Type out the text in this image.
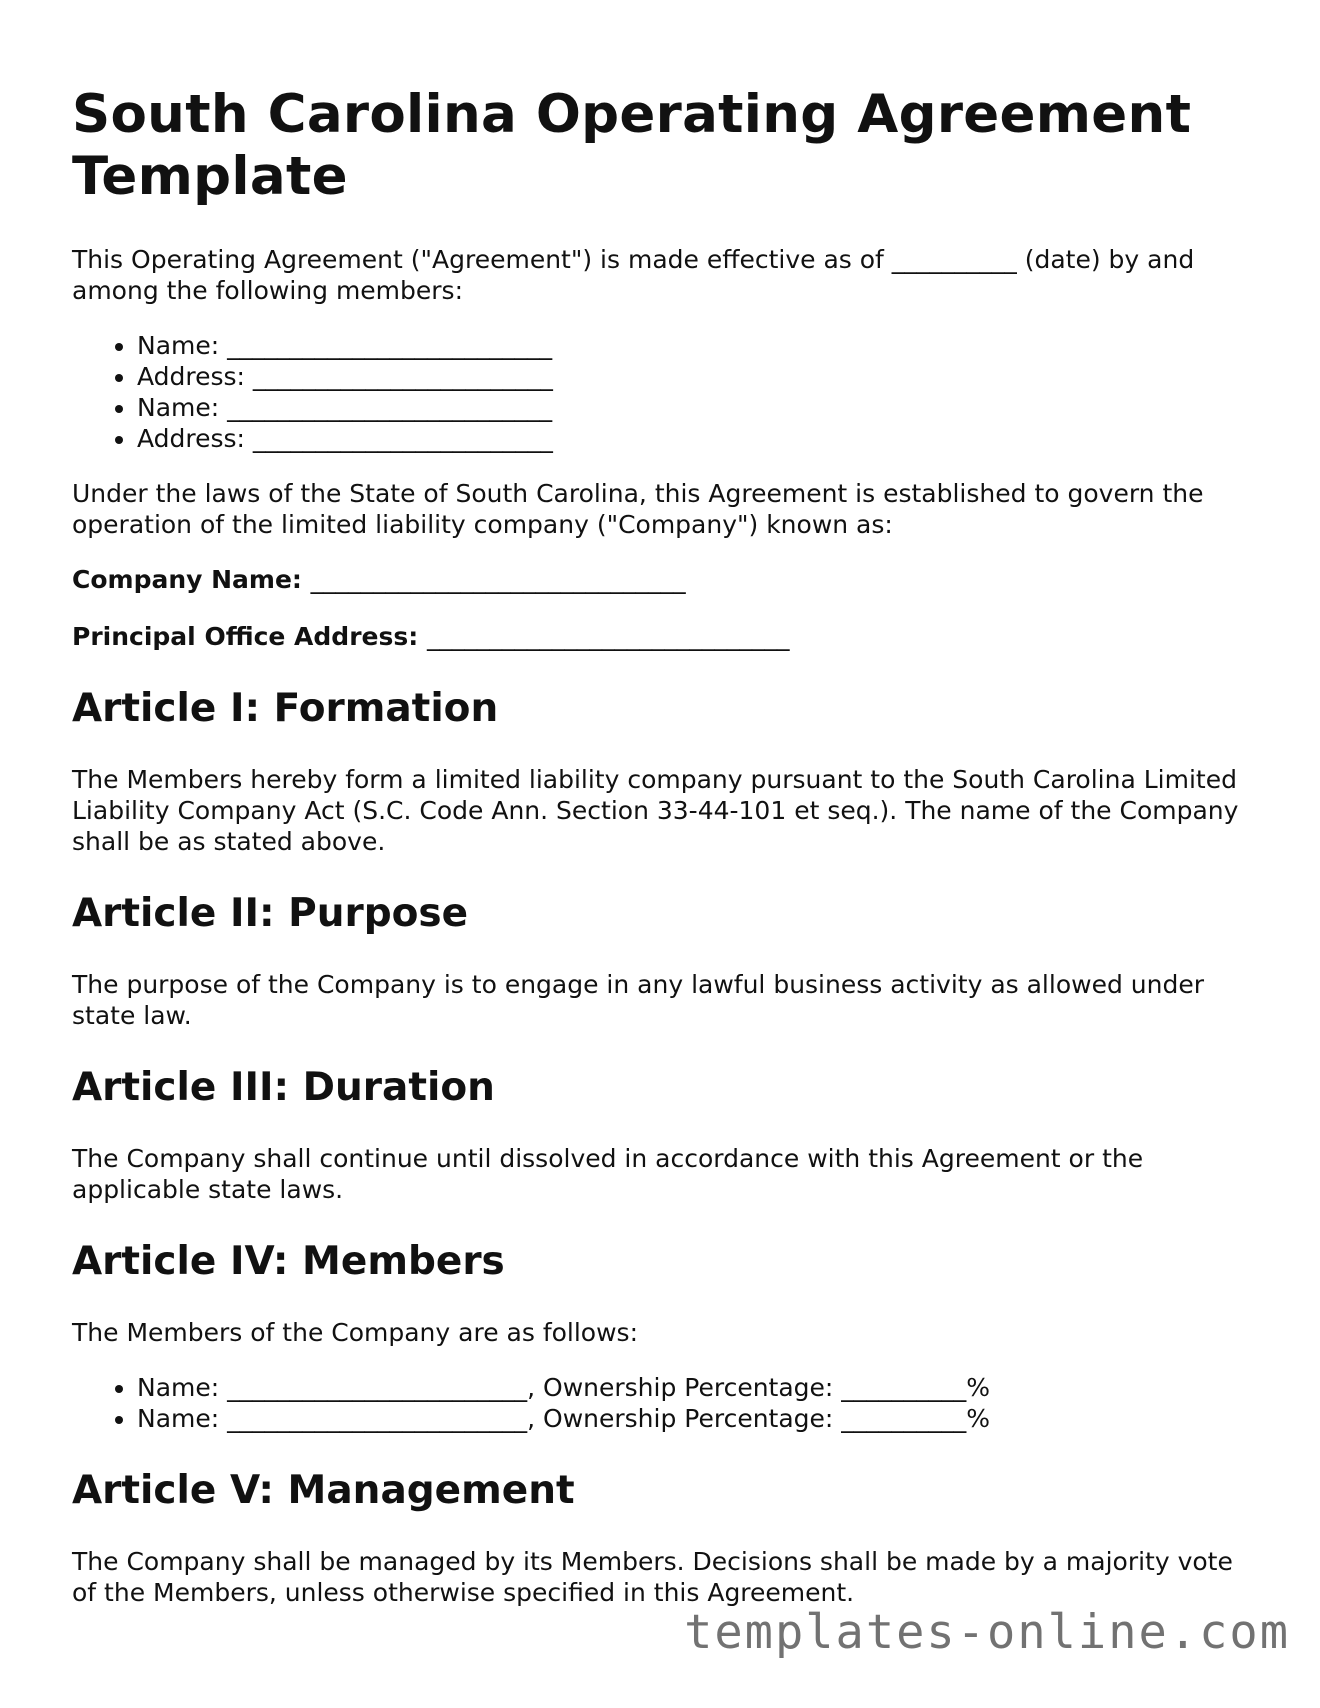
South Carolina Operating Agreement Template

This Operating Agreement ("Agreement") is made effective as of __________ (date) by and among the following members:

• Name: __________________________
• Address: ________________________
• Name: __________________________
• Address: ________________________

Under the laws of the State of South Carolina, this Agreement is established to govern the operation of the limited liability company ("Company") known as:

Company Name: ______________________________
Principal Office Address: _____________________________
Article I: Formation

The Members hereby form a limited liability company pursuant to the South Carolina Limited Liability Company Act (S.C. Code Ann. Section 33-44-101 et seq.). The name of the Company shall be as stated above.

Article II: Purpose

The purpose of the Company is to engage in any lawful business activity as allowed under state law.

Article III: Duration

The Company shall continue until dissolved in accordance with this Agreement or the applicable state laws.

Article IV: Members

The Members of the Company are as follows:

• Name: ________________________, Ownership Percentage: __________%
• Name: ________________________, Ownership Percentage: __________%
Article V: Management

The Company shall be managed by its Members. Decisions shall be made by a majority vote of the Members, unless otherwise specified in this Agreement.

templates-online.com
